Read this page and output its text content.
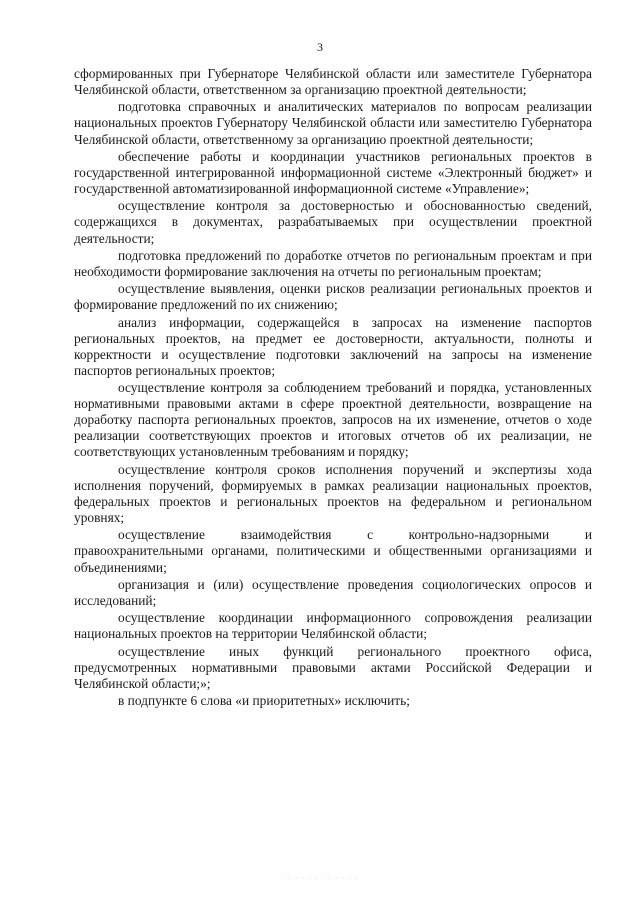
3

сформированных при Губернаторе Челябинской области или заместителе Губернатора Челябинской области, ответственном за организацию проектной деятельности;

подготовка справочных и аналитических материалов по вопросам реализации национальных проектов Губернатору Челябинской области или заместителю Губернатора Челябинской области, ответственному за организацию проектной деятельности;

обеспечение работы и координации участников региональных проектов в государственной интегрированной информационной системе «Электронный бюджет» и государственной автоматизированной информационной системе «Управление»;

осуществление контроля за достоверностью и обоснованностью сведений, содержащихся в документах, разрабатываемых при осуществлении проектной деятельности;

подготовка предложений по доработке отчетов по региональным проектам и при необходимости формирование заключения на отчеты по региональным проектам;

осуществление выявления, оценки рисков реализации региональных проектов и формирование предложений по их снижению;

анализ информации, содержащейся в запросах на изменение паспортов региональных проектов, на предмет ее достоверности, актуальности, полноты и корректности и осуществление подготовки заключений на запросы на изменение паспортов региональных проектов;

осуществление контроля за соблюдением требований и порядка, установленных нормативными правовыми актами в сфере проектной деятельности, возвращение на доработку паспорта региональных проектов, запросов на их изменение, отчетов о ходе реализации соответствующих проектов и итоговых отчетов об их реализации, не соответствующих установленным требованиям и порядку;

осуществление контроля сроков исполнения поручений и экспертизы хода исполнения поручений, формируемых в рамках реализации национальных проектов, федеральных проектов и региональных проектов на федеральном и региональном уровнях;

осуществление взаимодействия с контрольно-надзорными и правоохранительными органами, политическими и общественными организациями и объединениями;

организация и (или) осуществление проведения социологических опросов и исследований;

осуществление координации информационного сопровождения реализации национальных проектов на территории Челябинской области;

осуществление иных функций регионального проектного офиса, предусмотренных нормативными правовыми актами Российской Федерации и Челябинской области;»;

в подпункте 6 слова «и приоритетных» исключить;

· · · · · · · · · · · ·
